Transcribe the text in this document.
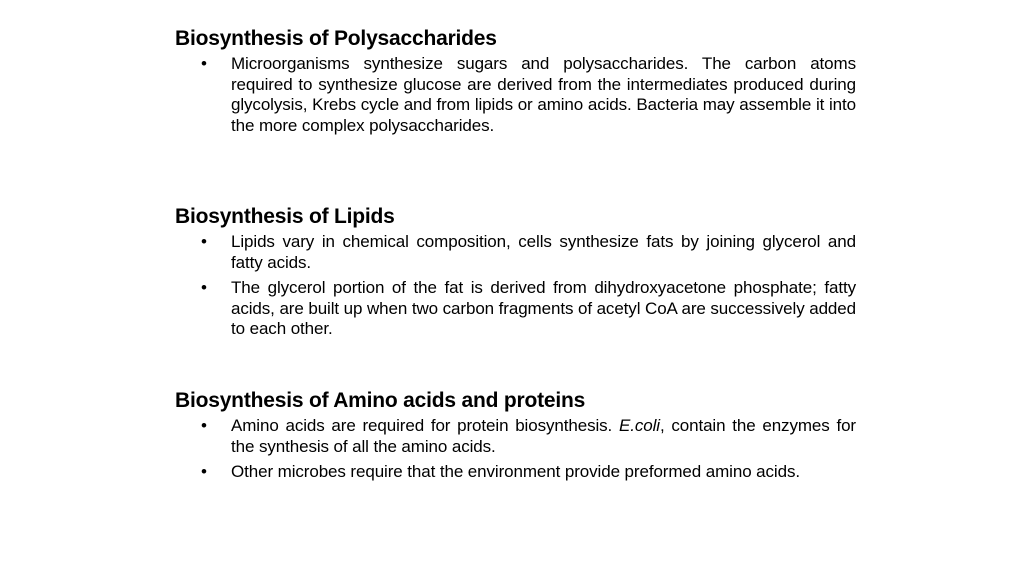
Biosynthesis of Polysaccharides
• Microorganisms synthesize sugars and polysaccharides. The carbon atoms required to synthesize glucose are derived from the intermediates produced during glycolysis, Krebs cycle and from lipids or amino acids. Bacteria may assemble it into the more complex polysaccharides.
Biosynthesis of Lipids
• Lipids vary in chemical composition, cells synthesize fats by joining glycerol and fatty acids.
• The glycerol portion of the fat is derived from dihydroxyacetone phosphate; fatty acids, are built up when two carbon fragments of acetyl CoA are successively added to each other.
Biosynthesis of Amino acids and proteins
• Amino acids are required for protein biosynthesis. E.coli, contain the enzymes for the synthesis of all the amino acids.
• Other microbes require that the environment provide preformed amino acids.
